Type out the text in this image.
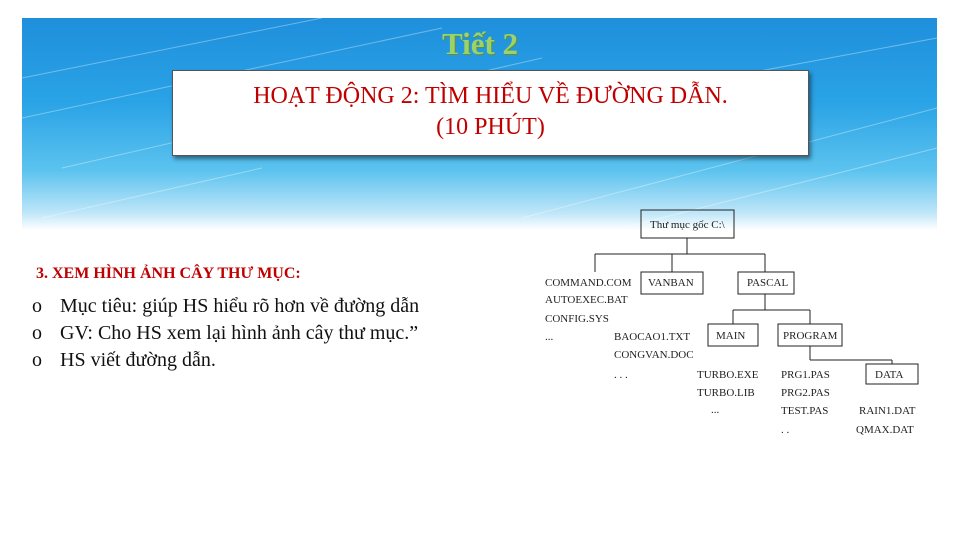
Tiết 2
HOẠT ĐỘNG 2: TÌM HIỂU VỀ ĐƯỜNG DẪN.
(10 PHÚT)
3. XEM HÌNH ẢNH CÂY THƯ MỤC:
o Mục tiêu: giúp HS hiểu rõ hơn về đường dẫn
o GV: Cho HS xem lại hình ảnh cây thư mục.”
o HS viết đường dẫn.
Thư mục gốc C:\
COMMAND.COM
AUTOEXEC.BAT
CONFIG.SYS
...
VANBAN
BAOCAO1.TXT
CONGVAN.DOC
. . .
PASCAL
MAIN
TURBO.EXE
TURBO.LIB
...
PROGRAM
PRG1.PAS
PRG2.PAS
TEST.PAS
. .
DATA
RAIN1.DAT
QMAX.DAT
